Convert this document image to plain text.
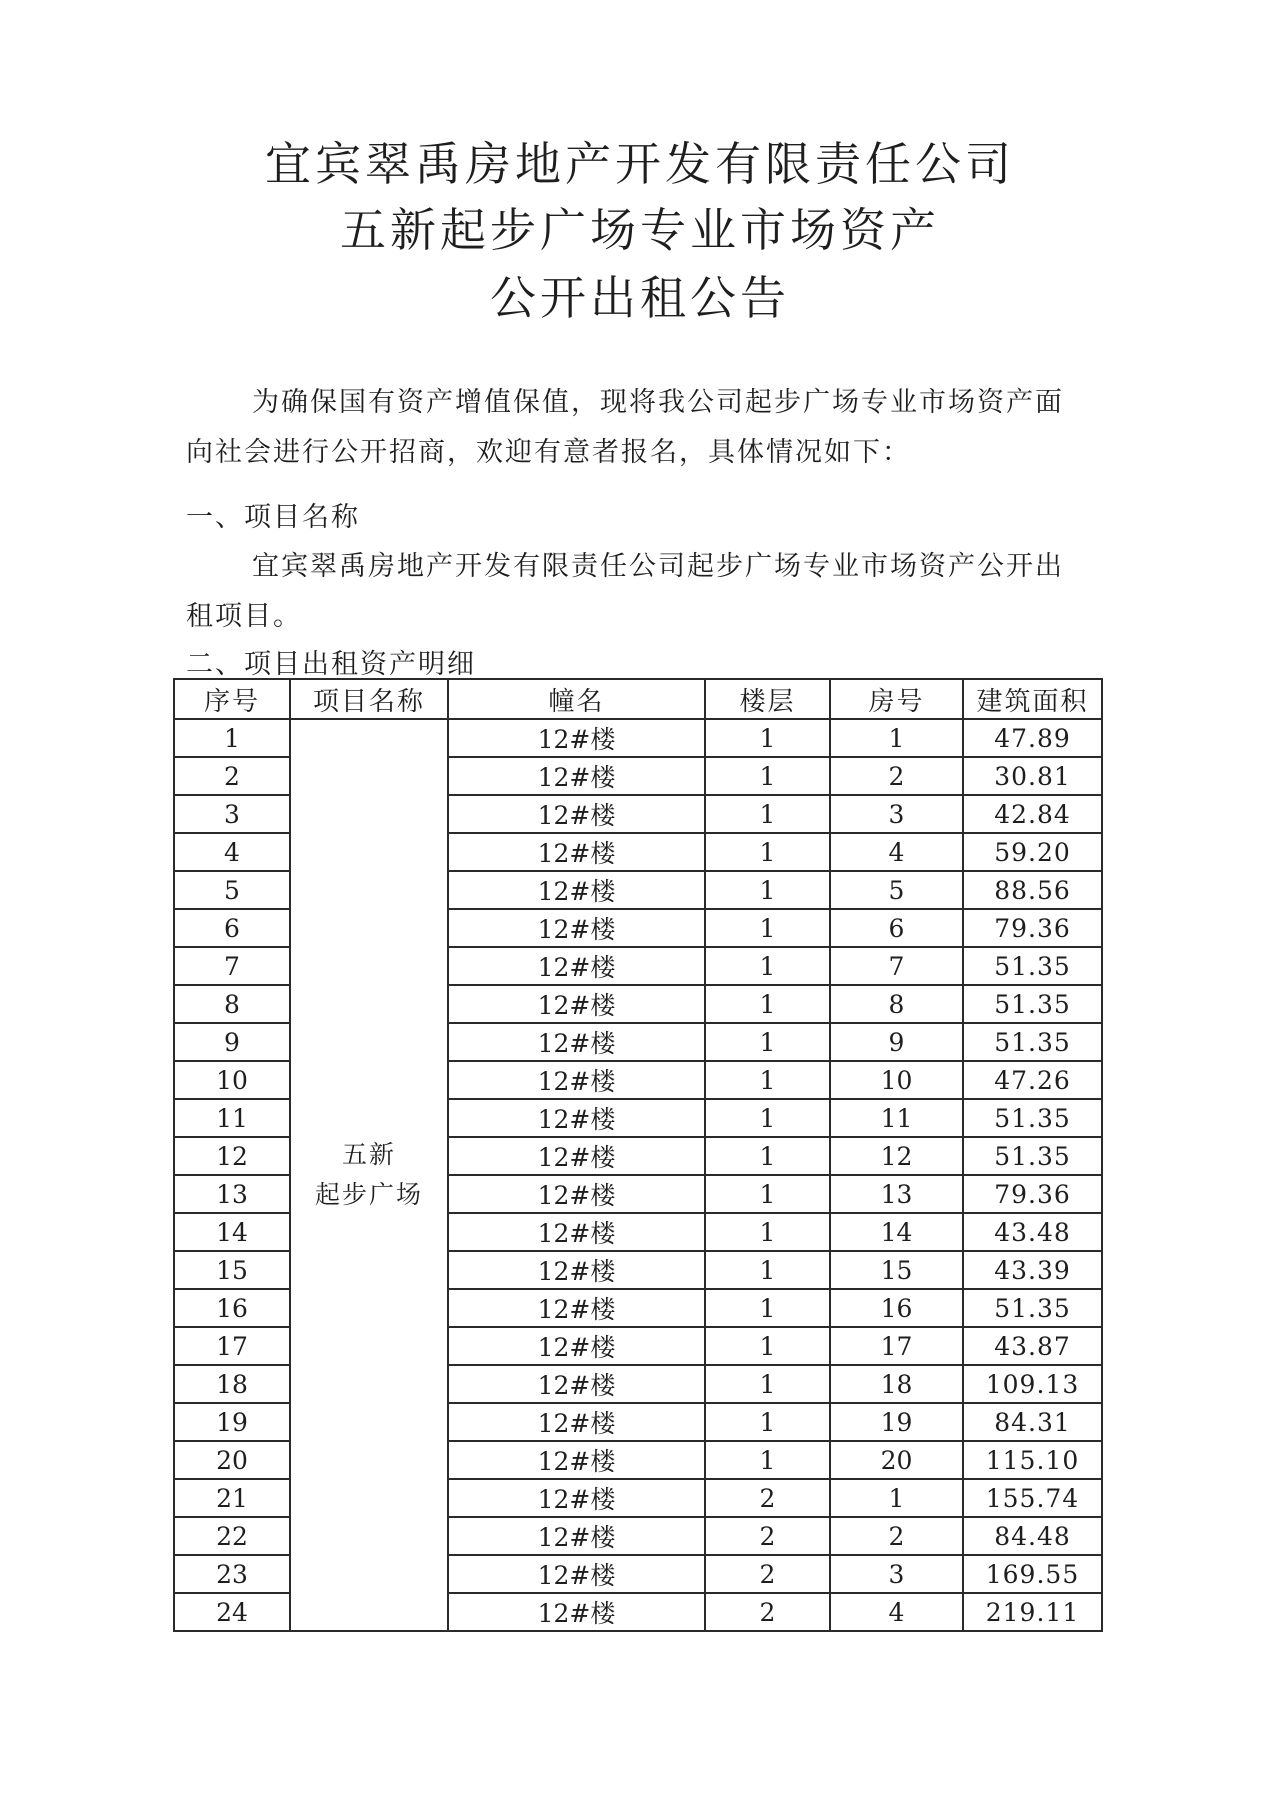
宜宾翠禹房地产开发有限责任公司
五新起步广场专业市场资产
公开出租公告
为确保国有资产增值保值，现将我公司起步广场专业市场资产面
向社会进行公开招商，欢迎有意者报名，具体情况如下：
一、项目名称
宜宾翠禹房地产开发有限责任公司起步广场专业市场资产公开出
租项目。
二、项目出租资产明细
序号	项目名称	幢名	楼层	房号	建筑面积
1	五新
起步广场	12#楼	1	1	47.89
2		12#楼	1	2	30.81
3		12#楼	1	3	42.84
4		12#楼	1	4	59.20
5		12#楼	1	5	88.56
6		12#楼	1	6	79.36
7		12#楼	1	7	51.35
8		12#楼	1	8	51.35
9		12#楼	1	9	51.35
10		12#楼	1	10	47.26
11		12#楼	1	11	51.35
12		12#楼	1	12	51.35
13		12#楼	1	13	79.36
14		12#楼	1	14	43.48
15		12#楼	1	15	43.39
16		12#楼	1	16	51.35
17		12#楼	1	17	43.87
18		12#楼	1	18	109.13
19		12#楼	1	19	84.31
20		12#楼	1	20	115.10
21		12#楼	2	1	155.74
22		12#楼	2	2	84.48
23		12#楼	2	3	169.55
24		12#楼	2	4	219.11
